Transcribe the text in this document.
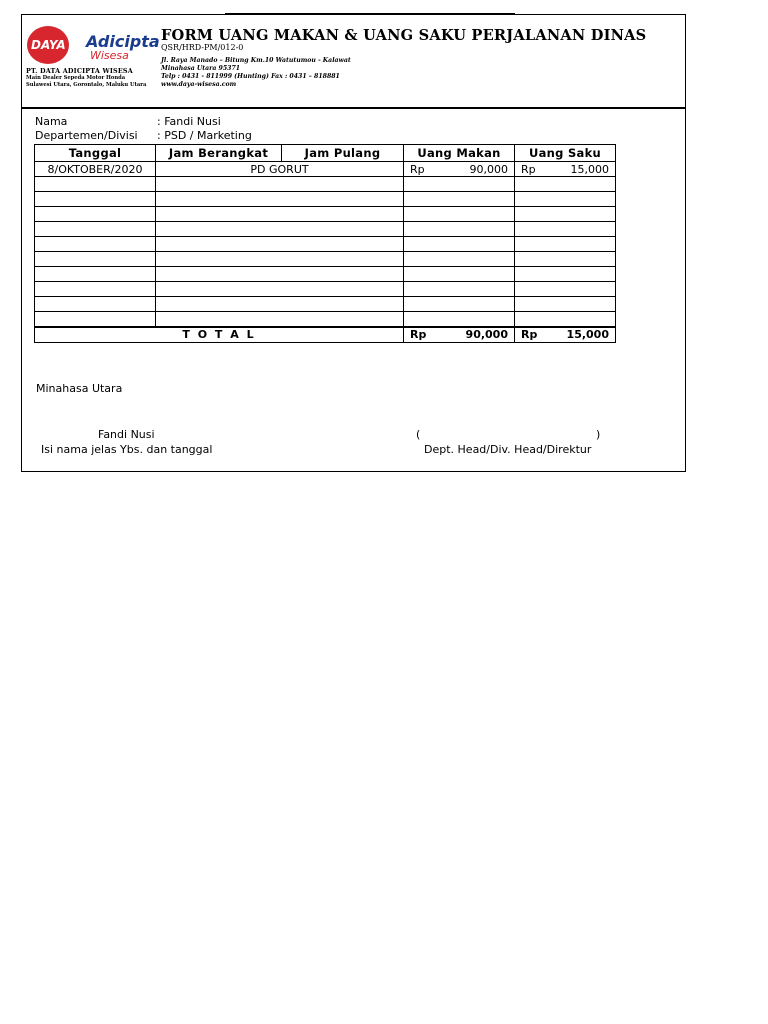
DAYA Adicipta
Wisesa
PT. DATA ADICIPTA WISESA
Main Dealer Sepeda Motor Honda
Sulawesi Utara, Gorontalo, Maluku Utara
FORM UANG MAKAN & UANG SAKU PERJALANAN DINAS
QSR/HRD-PM/012-0
Jl. Raya Manado – Bitung Km.10 Watutumou - Kalawat
Minahasa Utara 95371
Telp : 0431 - 811999 (Hunting) Fax : 0431 – 818881
www.daya-wisesa.com
Nama	: Fandi Nusi
Departemen/Divisi : PSD / Marketing
Tanggal	Jam Berangkat	Jam Pulang	Uang Makan	Uang Saku
8/OKTOBER/2020	PD GORUT		Rp 90,000	Rp 15,000

T O T A L			Rp 90,000	Rp 15,000
Minahasa Utara
Fandi Nusi
Isi nama jelas Ybs. dan tanggal
(	)
Dept. Head/Div. Head/Direktur
